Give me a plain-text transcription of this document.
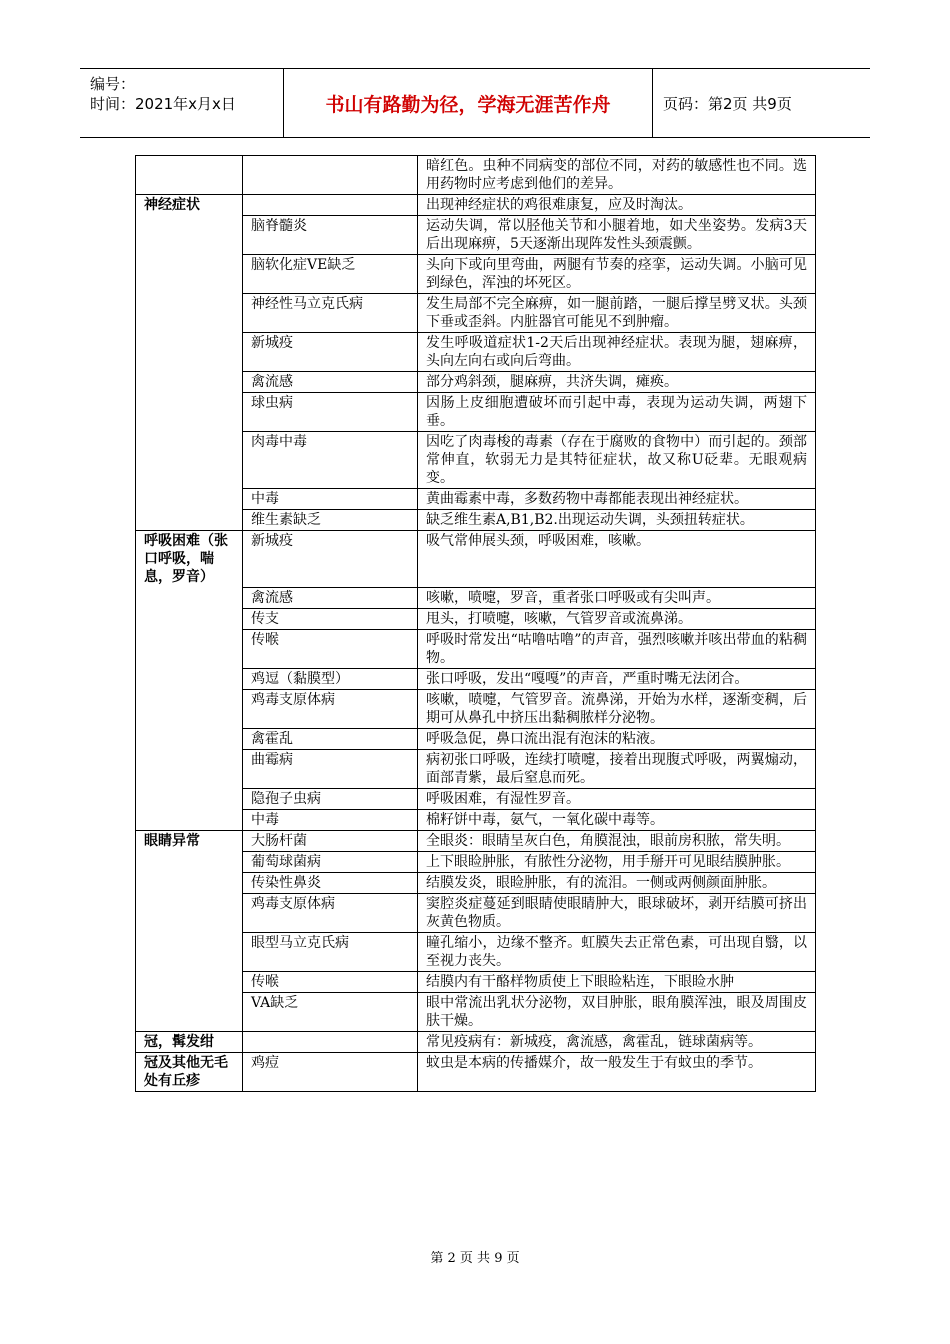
编号：
时间：2021年x月x日	书山有路勤为径，学海无涯苦作舟	页码：第2页 共9页
		暗红色。虫种不同病变的部位不同，对药的敏感性也不同。选用药物时应考虑到他们的差异。
神经症状		出现神经症状的鸡很难康复，应及时淘汰。
	脑脊髓炎	运动失调，常以胫他关节和小腿着地，如犬坐姿势。发病3天后出现麻痹，5天逐渐出现阵发性头颈震颤。
	脑软化症VE缺乏	头向下或向里弯曲，两腿有节奏的痉挛，运动失调。小脑可见到绿色，浑浊的坏死区。
	神经性马立克氏病	发生局部不完全麻痹，如一腿前踏，一腿后撑呈劈叉状。头颈下垂或歪斜。内脏器官可能见不到肿瘤。
	新城疫	发生呼吸道症状1-2天后出现神经症状。表现为腿，翅麻痹，头向左向右或向后弯曲。
	禽流感	部分鸡斜颈，腿麻痹，共济失调，瘫痪。
	球虫病	因肠上皮细胞遭破坏而引起中毒，表现为运动失调，两翅下垂。
	肉毒中毒	因吃了肉毒梭的毒素（存在于腐败的食物中）而引起的。颈部常伸直，软弱无力是其特征症状，故又称U砭辈。无眼观病变。
	中毒	黄曲霉素中毒，多数药物中毒都能表现出神经症状。
	维生素缺乏	缺乏维生素A,B1,B2.出现运动失调，头颈扭转症状。
呼吸困难（张口呼吸，喘息，罗音）	新城疫	吸气常伸展头颈，呼吸困难，咳嗽。
	禽流感	咳嗽，喷嚏，罗音，重者张口呼吸或有尖叫声。
	传支	甩头，打喷嚏，咳嗽，气管罗音或流鼻涕。
	传喉	呼吸时常发出“咕噜咕噜”的声音，强烈咳嗽并咳出带血的粘稠物。
	鸡逗（黏膜型）	张口呼吸，发出“嘎嘎”的声音，严重时嘴无法闭合。
	鸡毒支原体病	咳嗽，喷嚏，气管罗音。流鼻涕，开始为水样，逐渐变稠，后期可从鼻孔中挤压出黏稠脓样分泌物。
	禽霍乱	呼吸急促，鼻口流出混有泡沫的粘液。
	曲霉病	病初张口呼吸，连续打喷嚏，接着出现腹式呼吸，两翼煽动，面部青紫，最后窒息而死。
	隐孢子虫病	呼吸困难，有湿性罗音。
	中毒	棉籽饼中毒，氨气，一氧化碳中毒等。
眼睛异常	大肠杆菌	全眼炎：眼睛呈灰白色，角膜混浊，眼前房积脓，常失明。
	葡萄球菌病	上下眼睑肿胀，有脓性分泌物，用手掰开可见眼结膜肿胀。
	传染性鼻炎	结膜发炎，眼睑肿胀，有的流泪。一侧或两侧颜面肿胀。
	鸡毒支原体病	窦腔炎症蔓延到眼睛使眼睛肿大，眼球破坏，剥开结膜可挤出灰黄色物质。
	眼型马立克氏病	瞳孔缩小，边缘不整齐。虹膜失去正常色素，可出现自翳，以至视力丧失。
	传喉	结膜内有干酪样物质使上下眼睑粘连，下眼睑水肿
	VA缺乏	眼中常流出乳状分泌物，双目肿胀，眼角膜浑浊，眼及周围皮肤干燥。
冠，髯发绀		常见疫病有：新城疫，禽流感，禽霍乱，链球菌病等。
冠及其他无毛处有丘疹	鸡痘	蚊虫是本病的传播媒介，故一般发生于有蚊虫的季节。
第 2 页 共 9 页
